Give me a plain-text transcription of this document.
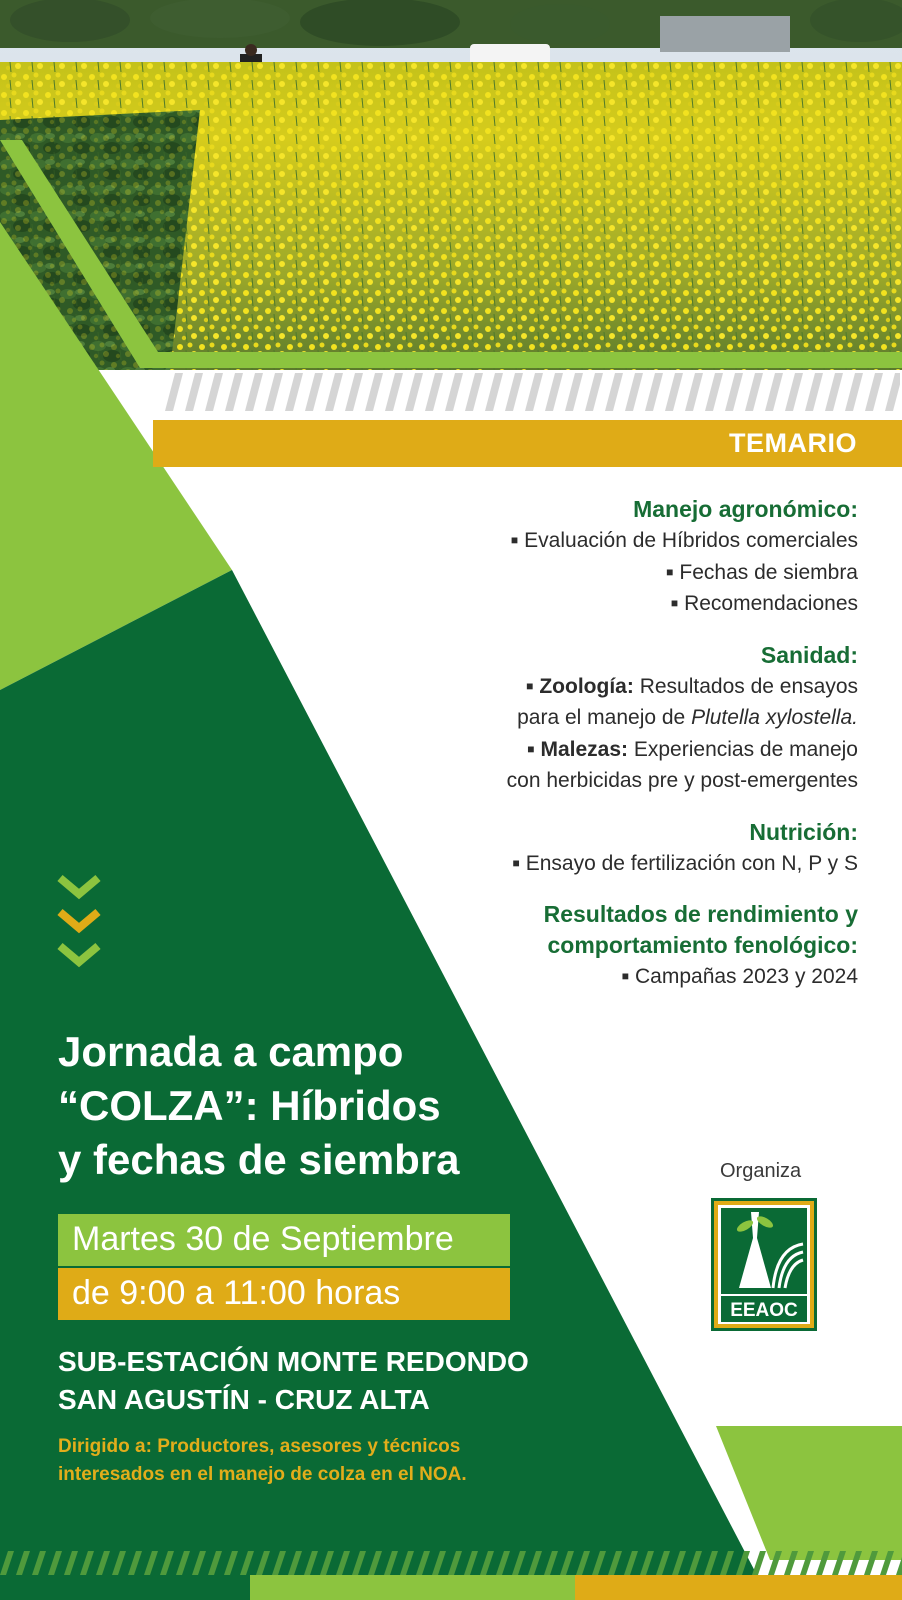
TEMARIO
Manejo agronómico:
■ Evaluación de Híbridos comerciales
■ Fechas de siembra
■ Recomendaciones
Sanidad:
■ Zoología: Resultados de ensayos
para el manejo de Plutella xylostella.
■ Malezas: Experiencias de manejo
con herbicidas pre y post-emergentes
Nutrición:
■ Ensayo de fertilización con N, P y S
Resultados de rendimiento y
comportamiento fenológico:
■ Campañas 2023 y 2024
Jornada a campo
“COLZA”: Híbridos
y fechas de siembra
Martes 30 de Septiembre
de 9:00 a 11:00 horas
SUB-ESTACIÓN MONTE REDONDO
SAN AGUSTÍN - CRUZ ALTA
Dirigido a: Productores, asesores y técnicos
interesados en el manejo de colza en el NOA.
Organiza
EEAOC
